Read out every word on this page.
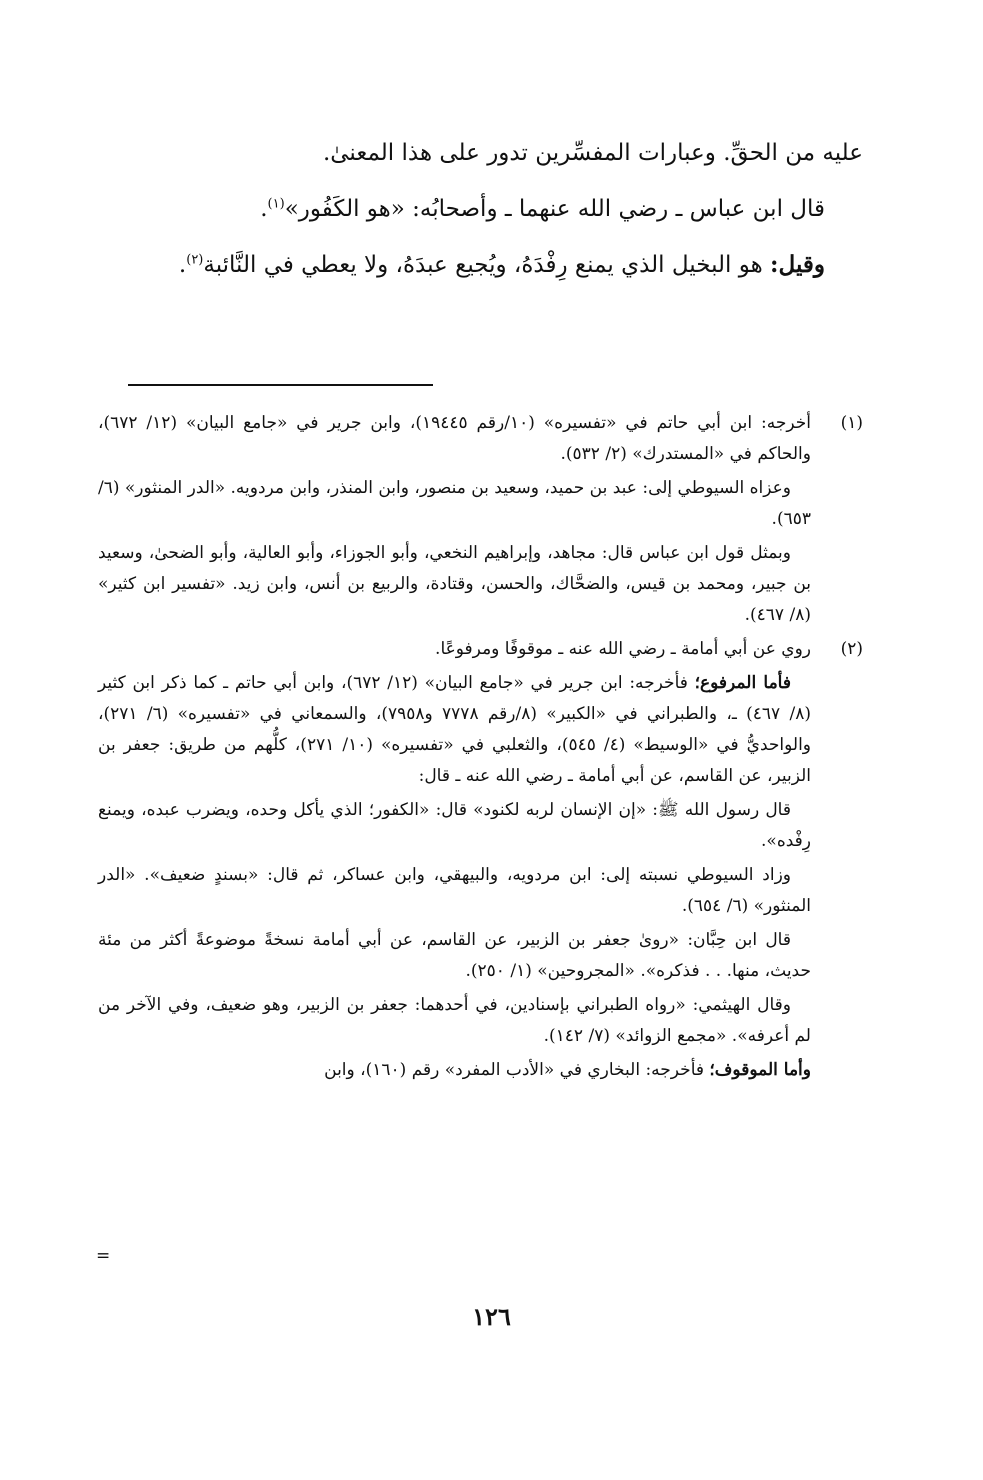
عليه من الحقِّ. وعبارات المفسِّرين تدور على هذا المعنىٰ.

قال ابن عباس ـ رضي الله عنهما ـ وأصحابُه: «هو الكَفُور»$^{(١)}$.

وقيل: هو البخيل الذي يمنع رِفْدَهُ، ويُجيع عبدَهُ، ولا يعطي في النَّائبة$^{(٢)}$.

(١)

أخرجه: ابن أبي حاتم في «تفسيره» (١٠/رقم ١٩٤٤٥)، وابن جرير في «جامع البيان» (١٢/ ٦٧٢)، والحاكم في «المستدرك» (٢/ ٥٣٢).

وعزاه السيوطي إلى: عبد بن حميد، وسعيد بن منصور، وابن المنذر، وابن مردويه. «الدر المنثور» (٦/ ٦٥٣).

وبمثل قول ابن عباس قال: مجاهد، وإبراهيم النخعي، وأبو الجوزاء، وأبو العالية، وأبو الضحىٰ، وسعيد بن جبير، ومحمد بن قيس، والضحَّاك، والحسن، وقتادة، والربيع بن أنس، وابن زيد. «تفسير ابن كثير» (٨/ ٤٦٧).

(٢)

روي عن أبي أمامة ـ رضي الله عنه ـ موقوفًا ومرفوعًا.

فأما المرفوع؛ فأخرجه: ابن جرير في «جامع البيان» (١٢/ ٦٧٢)، وابن أبي حاتم ـ كما ذكر ابن كثير (٨/ ٤٦٧) ـ، والطبراني في «الكبير» (٨/رقم ٧٧٧٨ و٧٩٥٨)، والسمعاني في «تفسيره» (٦/ ٢٧١)، والواحديُّ في «الوسيط» (٤/ ٥٤٥)، والثعلبي في «تفسيره» (١٠/ ٢٧١)، كلُّهم من طريق: جعفر بن الزبير، عن القاسم، عن أبي أمامة ـ رضي الله عنه ـ قال:

قال رسول الله ﷺ: «إن الإنسان لربه لكنود» قال: «الكفور؛ الذي يأكل وحده، ويضرب عبده، ويمنع رِفْده».

وزاد السيوطي نسبته إلى: ابن مردويه، والبيهقي، وابن عساكر، ثم قال: «بسندٍ ضعيف». «الدر المنثور» (٦/ ٦٥٤).

قال ابن حِبَّان: «روىٰ جعفر بن الزبير، عن القاسم، عن أبي أمامة نسخةً موضوعةً أكثر من مئة حديث، منها. . . فذكره». «المجروحين» (١/ ٢٥٠).

وقال الهيثمي: «رواه الطبراني بإسنادين، في أحدهما: جعفر بن الزبير، وهو ضعيف، وفي الآخر من لم أعرفه». «مجمع الزوائد» (٧/ ١٤٢).

وأما الموقوف؛ فأخرجه: البخاري في «الأدب المفرد» رقم (١٦٠)، وابن

=
١٢٦
